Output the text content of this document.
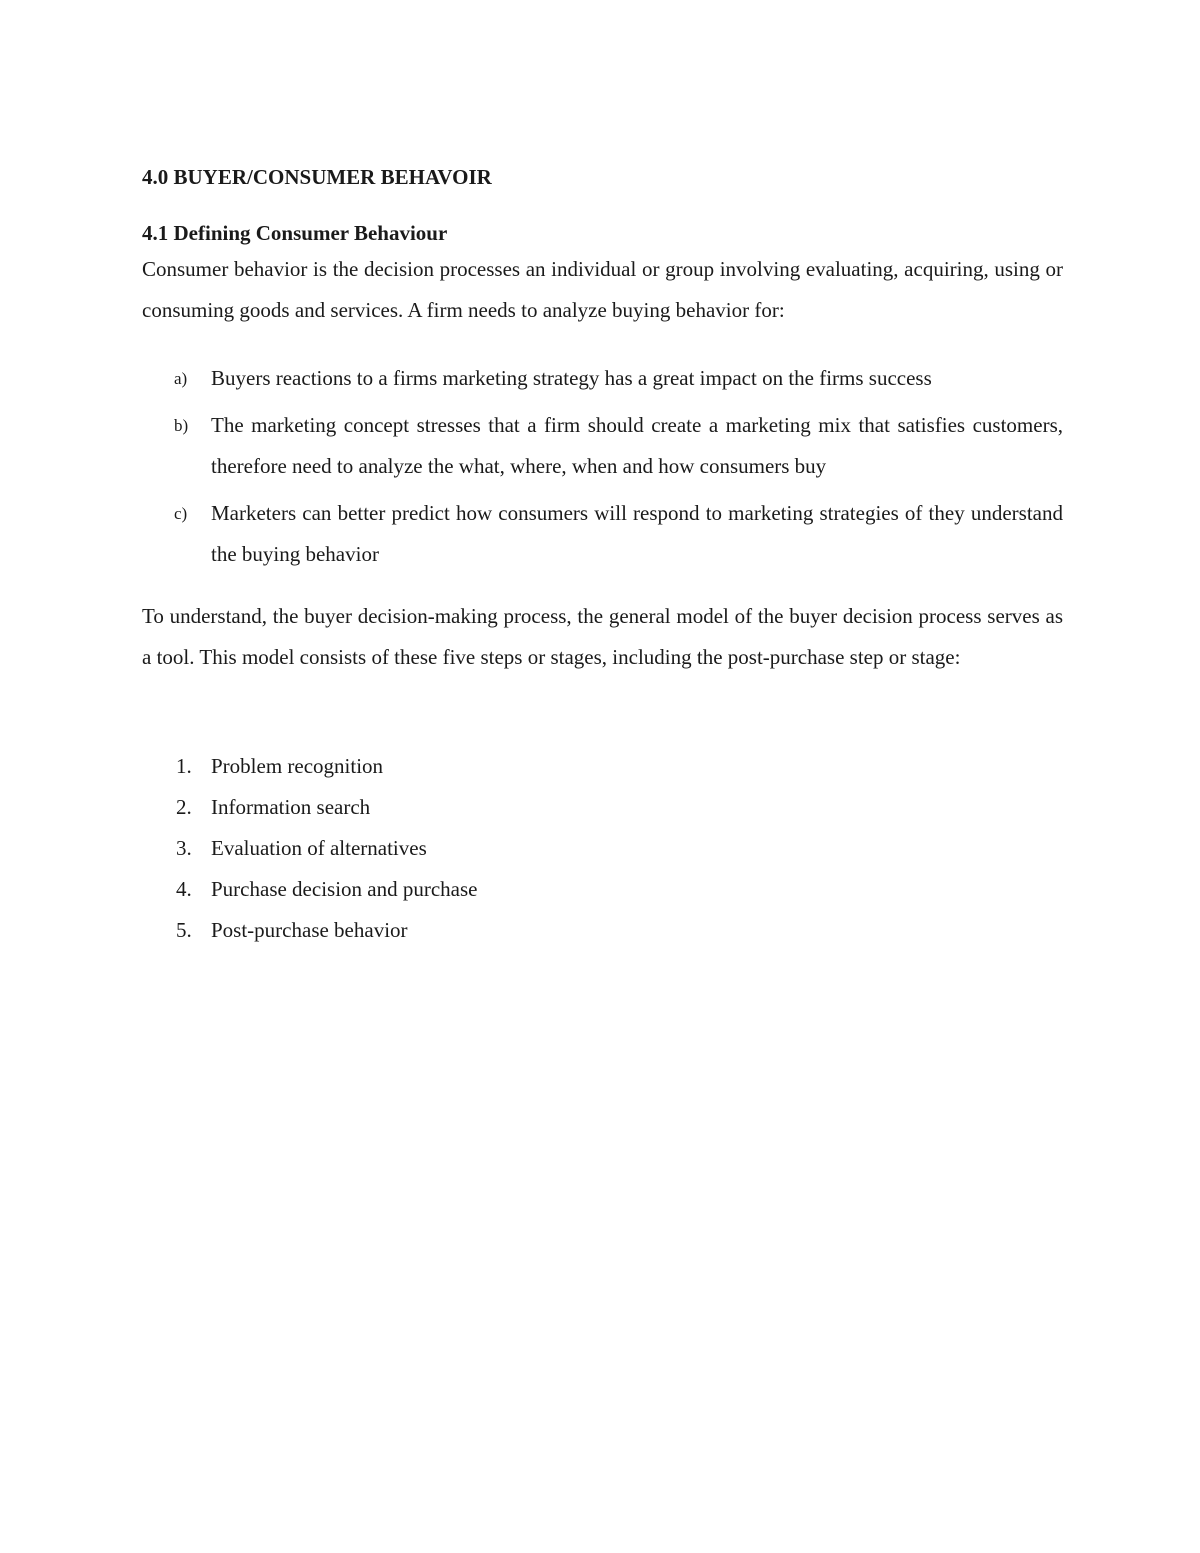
4.0 BUYER/CONSUMER BEHAVOIR
4.1 Defining Consumer Behaviour

Consumer behavior is the decision processes an individual or group involving evaluating, acquiring, using or consuming goods and services. A firm needs to analyze buying behavior for:

a) Buyers reactions to a firms marketing strategy has a great impact on the firms success
b) The marketing concept stresses that a firm should create a marketing mix that satisfies customers, therefore need to analyze the what, where, when and how consumers buy
c) Marketers can better predict how consumers will respond to marketing strategies of they understand the buying behavior

To understand, the buyer decision-making process, the general model of the buyer decision process serves as a tool. This model consists of these five steps or stages, including the post-purchase step or stage:

1. Problem recognition
2. Information search
3. Evaluation of alternatives
4. Purchase decision and purchase
5. Post-purchase behavior
